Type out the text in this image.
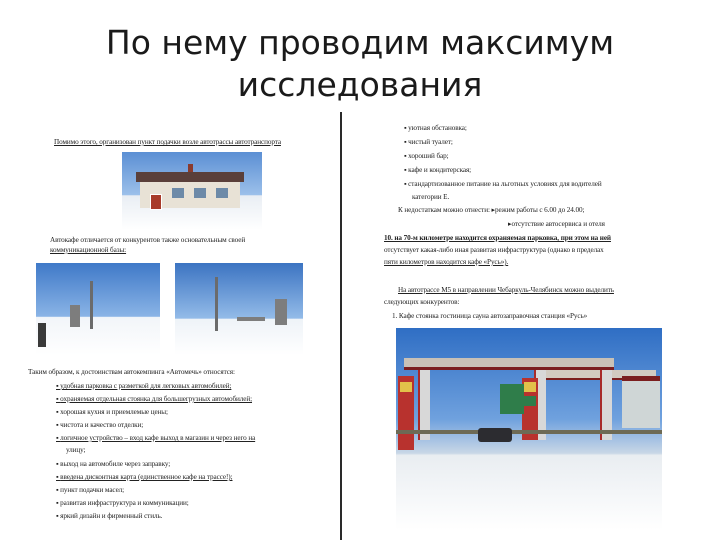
По нему проводим максимум исследования
Помимо этого, организован пункт подачки возле автотрассы автотранспорта
Автокафе отличается от конкурентов также основательным своей
коммуникационной базы:
Таким образом, к достоинствам автокемпинга «Автомечь» относятся:
▪ удобная парковка с разметкой для легковых автомобилей;
▪ охраняемая отдельная стоянка для большегрузных автомобилей;
▪ хорошая кухня и приемлемые цены;
▪ чистота и качество отделки;
▪ логичное устройство – вход кафе выход в магазин и через него на
улицу;
▪ выход на автомобиле через заправку;
▪ введена дисконтная карта (единственное кафе на трассе!);
▪ пункт подачки масел;
▪ развитая инфраструктура и коммуникации;
▪ яркий дизайн и фирменный стиль.
▪ уютная обстановка;
▪ чистый туалет;
▪ хороший бар;
▪ кафе и кондитерская;
▪ стандартизованное питание на льготных условиях для водителей
категории Е.
К недостаткам можно отнести: ▸режим работы с 6.00 до 24.00;
▸отсутствие автосервиса и отеля
10. на 70-м километре находится охраняемая парковка, при этом на ней
отсутствует какая-либо иная развитая инфраструктура (однако в пределах
пяти километров находится кафе «Русь»).
На автотрассе М5 в направлении Чебаркуль-Челябинск можно выделить
следующих конкурентов:
1. Кафе стоянка гостиница сауна автозаправочная станция «Русь»
